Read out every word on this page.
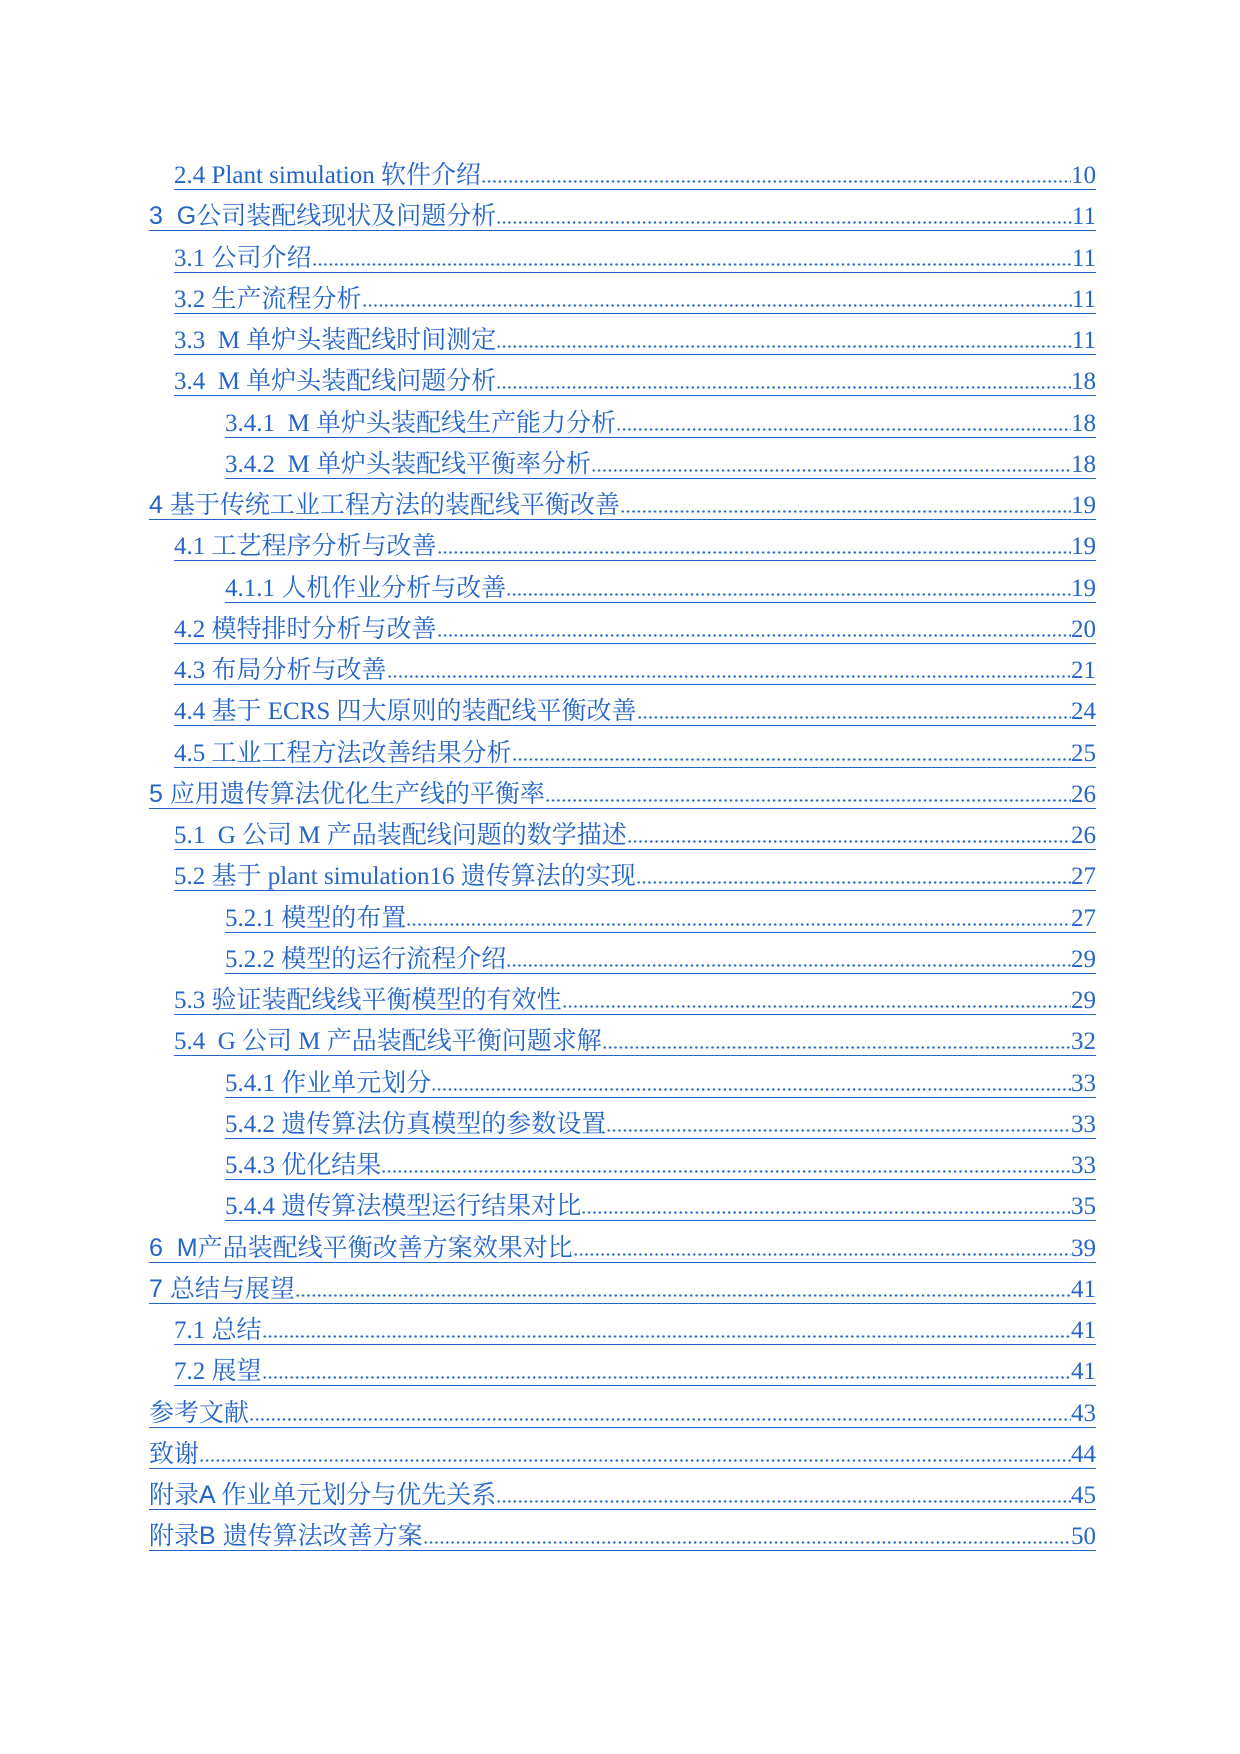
2.4 Plant simulation 软件介绍	10
3  G公司装配线现状及问题分析	11
3.1 公司介绍	11
3.2 生产流程分析	11
3.3  M 单炉头装配线时间测定	11
3.4  M 单炉头装配线问题分析	18
3.4.1  M 单炉头装配线生产能力分析	18
3.4.2  M 单炉头装配线平衡率分析	18
4 基于传统工业工程方法的装配线平衡改善	19
4.1 工艺程序分析与改善	19
4.1.1 人机作业分析与改善	19
4.2 模特排时分析与改善	20
4.3 布局分析与改善	21
4.4 基于 ECRS 四大原则的装配线平衡改善	24
4.5 工业工程方法改善结果分析	25
5 应用遗传算法优化生产线的平衡率	26
5.1  G 公司 M 产品装配线问题的数学描述	26
5.2 基于 plant simulation16 遗传算法的实现	27
5.2.1 模型的布置	27
5.2.2 模型的运行流程介绍	29
5.3 验证装配线线平衡模型的有效性	29
5.4  G 公司 M 产品装配线平衡问题求解	32
5.4.1 作业单元划分	33
5.4.2 遗传算法仿真模型的参数设置	33
5.4.3 优化结果	33
5.4.4 遗传算法模型运行结果对比	35
6  M产品装配线平衡改善方案效果对比	39
7 总结与展望	41
7.1 总结	41
7.2 展望	41
参考文献	43
致谢	44
附录A 作业单元划分与优先关系	45
附录B 遗传算法改善方案	50
